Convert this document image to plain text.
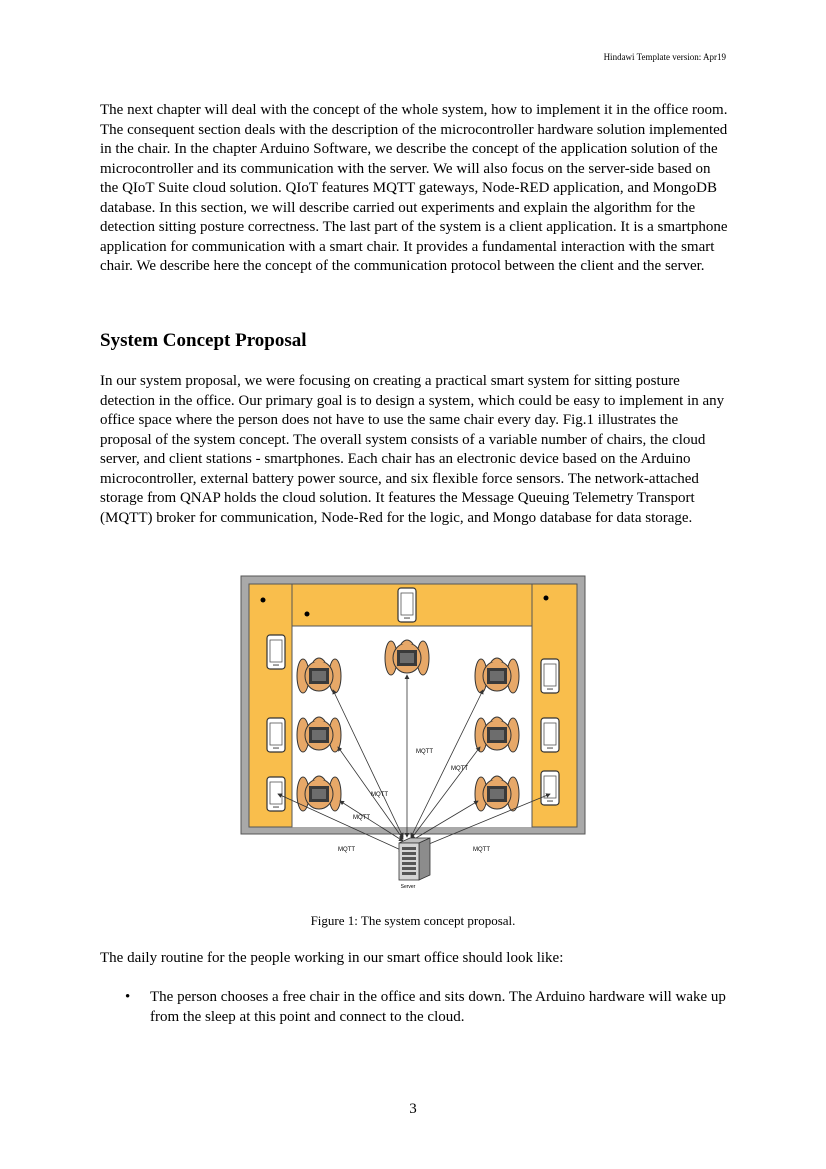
Hindawi Template version: Apr19

The next chapter will deal with the concept of the whole system, how to implement it in the office room. The consequent section deals with the description of the microcontroller hardware solution implemented in the chair. In the chapter Arduino Software, we describe the concept of the application solution of the microcontroller and its communication with the server. We will also focus on the server-side based on the QIoT Suite cloud solution. QIoT features MQTT gateways, Node-RED application, and MongoDB database. In this section, we will describe carried out experiments and explain the algorithm for the detection sitting posture correctness. The last part of the system is a client application. It is a smartphone application for communication with a smart chair. It provides a fundamental interaction with the smart chair. We describe here the concept of the communication protocol between the client and the server.

System Concept Proposal

In our system proposal, we were focusing on creating a practical smart system for sitting posture detection in the office. Our primary goal is to design a system, which could be easy to implement in any office space where the person does not have to use the same chair every day. Fig.1 illustrates the proposal of the system concept. The overall system consists of a variable number of chairs, the cloud server, and client stations - smartphones. Each chair has an electronic device based on the Arduino microcontroller, external battery power source, and six flexible force sensors. The network-attached storage from QNAP holds the cloud solution. It features the Message Queuing Telemetry Transport (MQTT) broker for communication, Node-Red for the logic, and Mongo database for data storage.

MQTT
MQTT
MQTT
MQTT
MQTT	MQTT
Server
Figure 1: The system concept proposal.

The daily routine for the people working in our smart office should look like:

• The person chooses a free chair in the office and sits down. The Arduino hardware will wake up from the sleep at this point and connect to the cloud.
3
